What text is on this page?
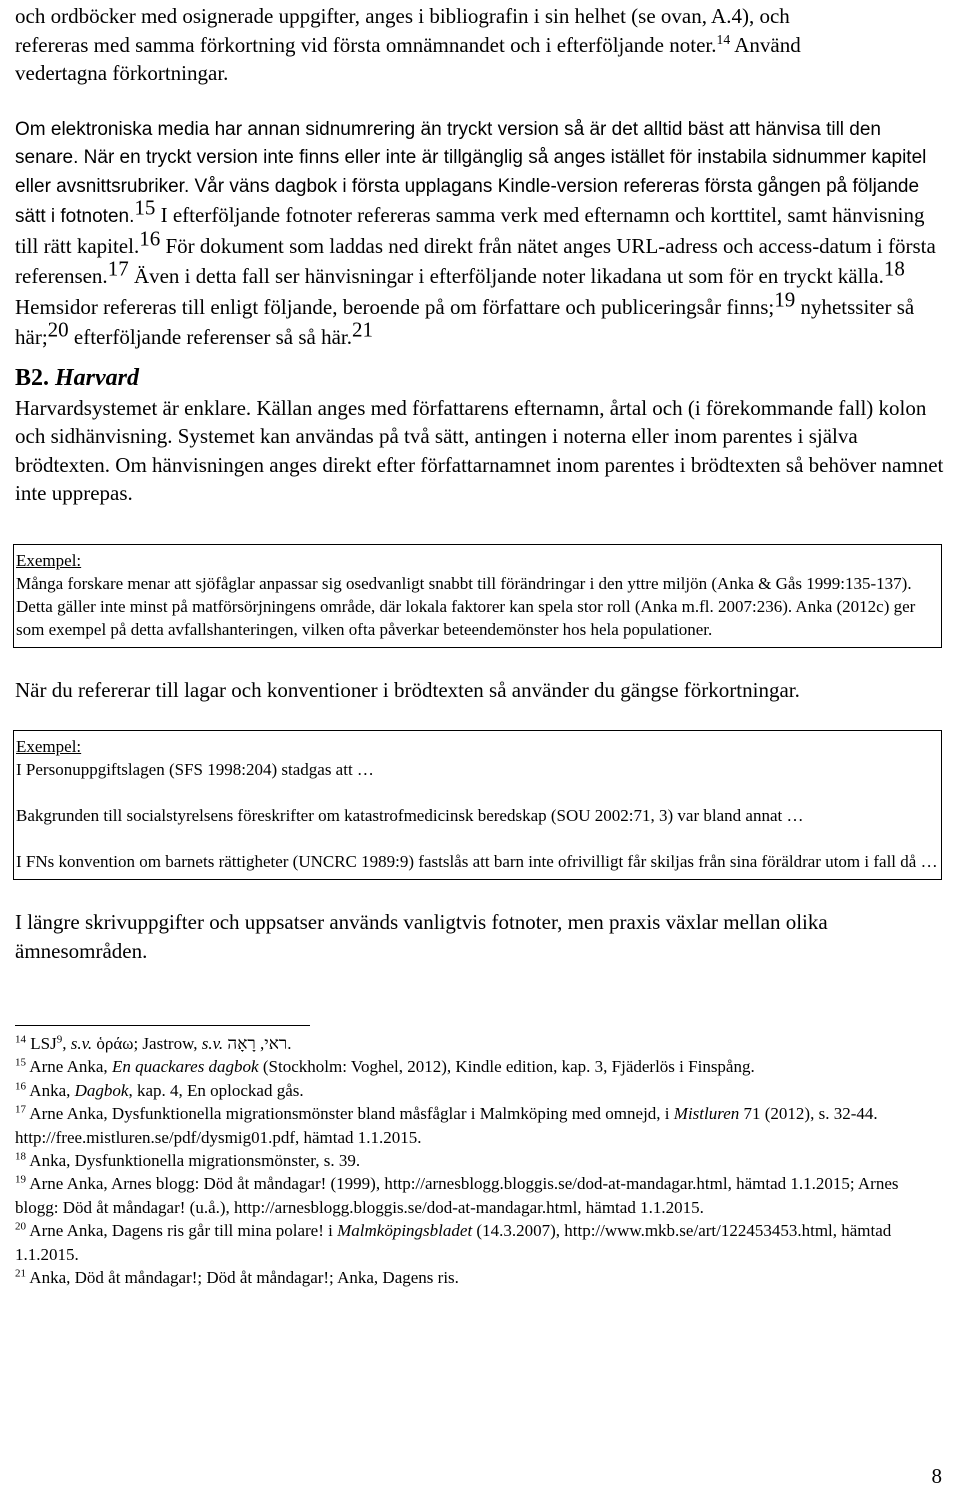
och ordböcker med osignerade uppgifter, anges i bibliografin i sin helhet (se ovan, A.4), och
refereras med samma förkortning vid första omnämnandet och i efterföljande noter.$^{14}$ Använd
vedertagna förkortningar.

Om elektroniska media har annan sidnumrering än tryckt version så är det alltid bäst att hänvisa till den senare. När en tryckt version inte finns eller inte är tillgänglig så anges istället för instabila sidnummer kapitel eller avsnittsrubriker. Vår väns dagbok i första upplagans Kindle-version refereras första gången på följande sätt i fotnoten.15 I efterföljande fotnoter refereras samma verk med efternamn och korttitel, samt hänvisning till rätt kapitel.16 För dokument som laddas ned direkt från nätet anges URL-adress och access-datum i första referensen.17 Även i detta fall ser hänvisningar i efterföljande noter likadana ut som för en tryckt källa.18 Hemsidor refereras till enligt följande, beroende på om författare och publiceringsår finns;19 nyhetssiter så här;20 efterföljande referenser så så här.21

B2. Harvard

Harvardsystemet är enklare. Källan anges med författarens efternamn, årtal och (i förekommande fall) kolon och sidhänvisning. Systemet kan användas på två sätt, antingen i noterna eller inom parentes i själva brödtexten. Om hänvisningen anges direkt efter författarnamnet inom parentes i brödtexten så behöver namnet inte upprepas.

Exempel:

Många forskare menar att sjöfåglar anpassar sig osedvanligt snabbt till förändringar i den yttre miljön (Anka & Gås 1999:135-137). Detta gäller inte minst på matförsörjningens område, där lokala faktorer kan spela stor roll (Anka m.fl. 2007:236). Anka (2012c) ger som exempel på detta avfallshanteringen, vilken ofta påverkar beteendemönster hos hela populationer.

När du refererar till lagar och konventioner i brödtexten så använder du gängse förkortningar.

Exempel:

I Personuppgiftslagen (SFS 1998:204) stadgas att …

Bakgrunden till socialstyrelsens föreskrifter om katastrofmedicinsk beredskap (SOU 2002:71, 3) var bland annat …

I FNs konvention om barnets rättigheter (UNCRC 1989:9) fastslås att barn inte ofrivilligt får skiljas från sina föräldrar utom i fall då …

I längre skrivuppgifter och uppsatser används vanligtvis fotnoter, men praxis växlar mellan olika ämnesområden.

$^{14}$ LSJ$^9$, s.v. ὁράω; Jastrow, s.v. ראי, רָאָה.

$^{15}$ Arne Anka, En quackares dagbok (Stockholm: Voghel, 2012), Kindle edition, kap. 3, Fjäderlös i Finspång.

$^{16}$ Anka, Dagbok, kap. 4, En oplockad gås.

$^{17}$ Arne Anka, Dysfunktionella migrationsmönster bland måsfåglar i Malmköping med omnejd, i Mistluren 71 (2012), s. 32-44. http://free.mistluren.se/pdf/dysmig01.pdf, hämtad 1.1.2015.

$^{18}$ Anka, Dysfunktionella migrationsmönster, s. 39.

$^{19}$ Arne Anka, Arnes blogg: Död åt måndagar! (1999), http://arnesblogg.bloggis.se/dod-at-mandagar.html, hämtad 1.1.2015; Arnes blogg: Död åt måndagar! (u.å.), http://arnesblogg.bloggis.se/dod-at-mandagar.html, hämtad 1.1.2015.

$^{20}$ Arne Anka, Dagens ris går till mina polare! i Malmköpingsbladet (14.3.2007), http://www.mkb.se/art/122453453.html, hämtad 1.1.2015.

$^{21}$ Anka, Död åt måndagar!; Död åt måndagar!; Anka, Dagens ris.

8
